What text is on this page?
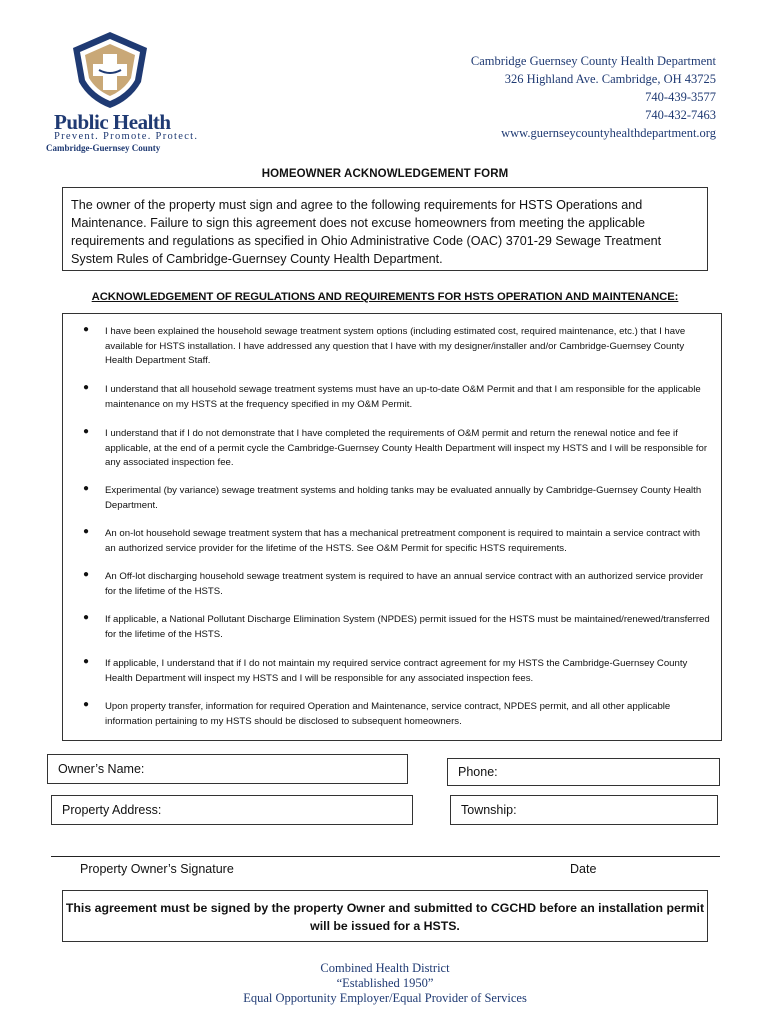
Public Health
Prevent. Promote. Protect.
Cambridge-Guernsey County
Cambridge Guernsey County Health Department
326 Highland Ave. Cambridge, OH 43725
740-439-3577
740-432-7463
www.guernseycountyhealthdepartment.org
HOMEOWNER ACKNOWLEDGEMENT FORM
The owner of the property must sign and agree to the following requirements for HSTS Operations and Maintenance. Failure to sign this agreement does not excuse homeowners from meeting the applicable requirements and regulations as specified in Ohio Administrative Code (OAC) 3701-29 Sewage Treatment System Rules of Cambridge-Guernsey County Health Department.
ACKNOWLEDGEMENT OF REGULATIONS AND REQUIREMENTS FOR HSTS OPERATION AND MAINTENANCE:
● I have been explained the household sewage treatment system options (including estimated cost, required maintenance, etc.) that I have available for HSTS installation. I have addressed any question that I have with my designer/installer and/or Cambridge-Guernsey County Health Department Staff.
● I understand that all household sewage treatment systems must have an up-to-date O&M Permit and that I am responsible for the applicable maintenance on my HSTS at the frequency specified in my O&M Permit.
● I understand that if I do not demonstrate that I have completed the requirements of O&M permit and return the renewal notice and fee if applicable, at the end of a permit cycle the Cambridge-Guernsey County Health Department will inspect my HSTS and I will be responsible for any associated inspection fee.
● Experimental (by variance) sewage treatment systems and holding tanks may be evaluated annually by Cambridge-Guernsey County Health Department.
● An on-lot household sewage treatment system that has a mechanical pretreatment component is required to maintain a service contract with an authorized service provider for the lifetime of the HSTS. See O&M Permit for specific HSTS requirements.
● An Off-lot discharging household sewage treatment system is required to have an annual service contract with an authorized service provider for the lifetime of the HSTS.
● If applicable, a National Pollutant Discharge Elimination System (NPDES) permit issued for the HSTS must be maintained/renewed/transferred for the lifetime of the HSTS.
● If applicable, I understand that if I do not maintain my required service contract agreement for my HSTS the Cambridge-Guernsey County Health Department will inspect my HSTS and I will be responsible for any associated inspection fees.
● Upon property transfer, information for required Operation and Maintenance, service contract, NPDES permit, and all other applicable information pertaining to my HSTS should be disclosed to subsequent homeowners.
Owner’s Name:	Phone:
Property Address:	Township:
Property Owner’s Signature	Date
This agreement must be signed by the property Owner and submitted to CGCHD before an installation permit will be issued for a HSTS.
Combined Health District
“Established 1950”
Equal Opportunity Employer/Equal Provider of Services
